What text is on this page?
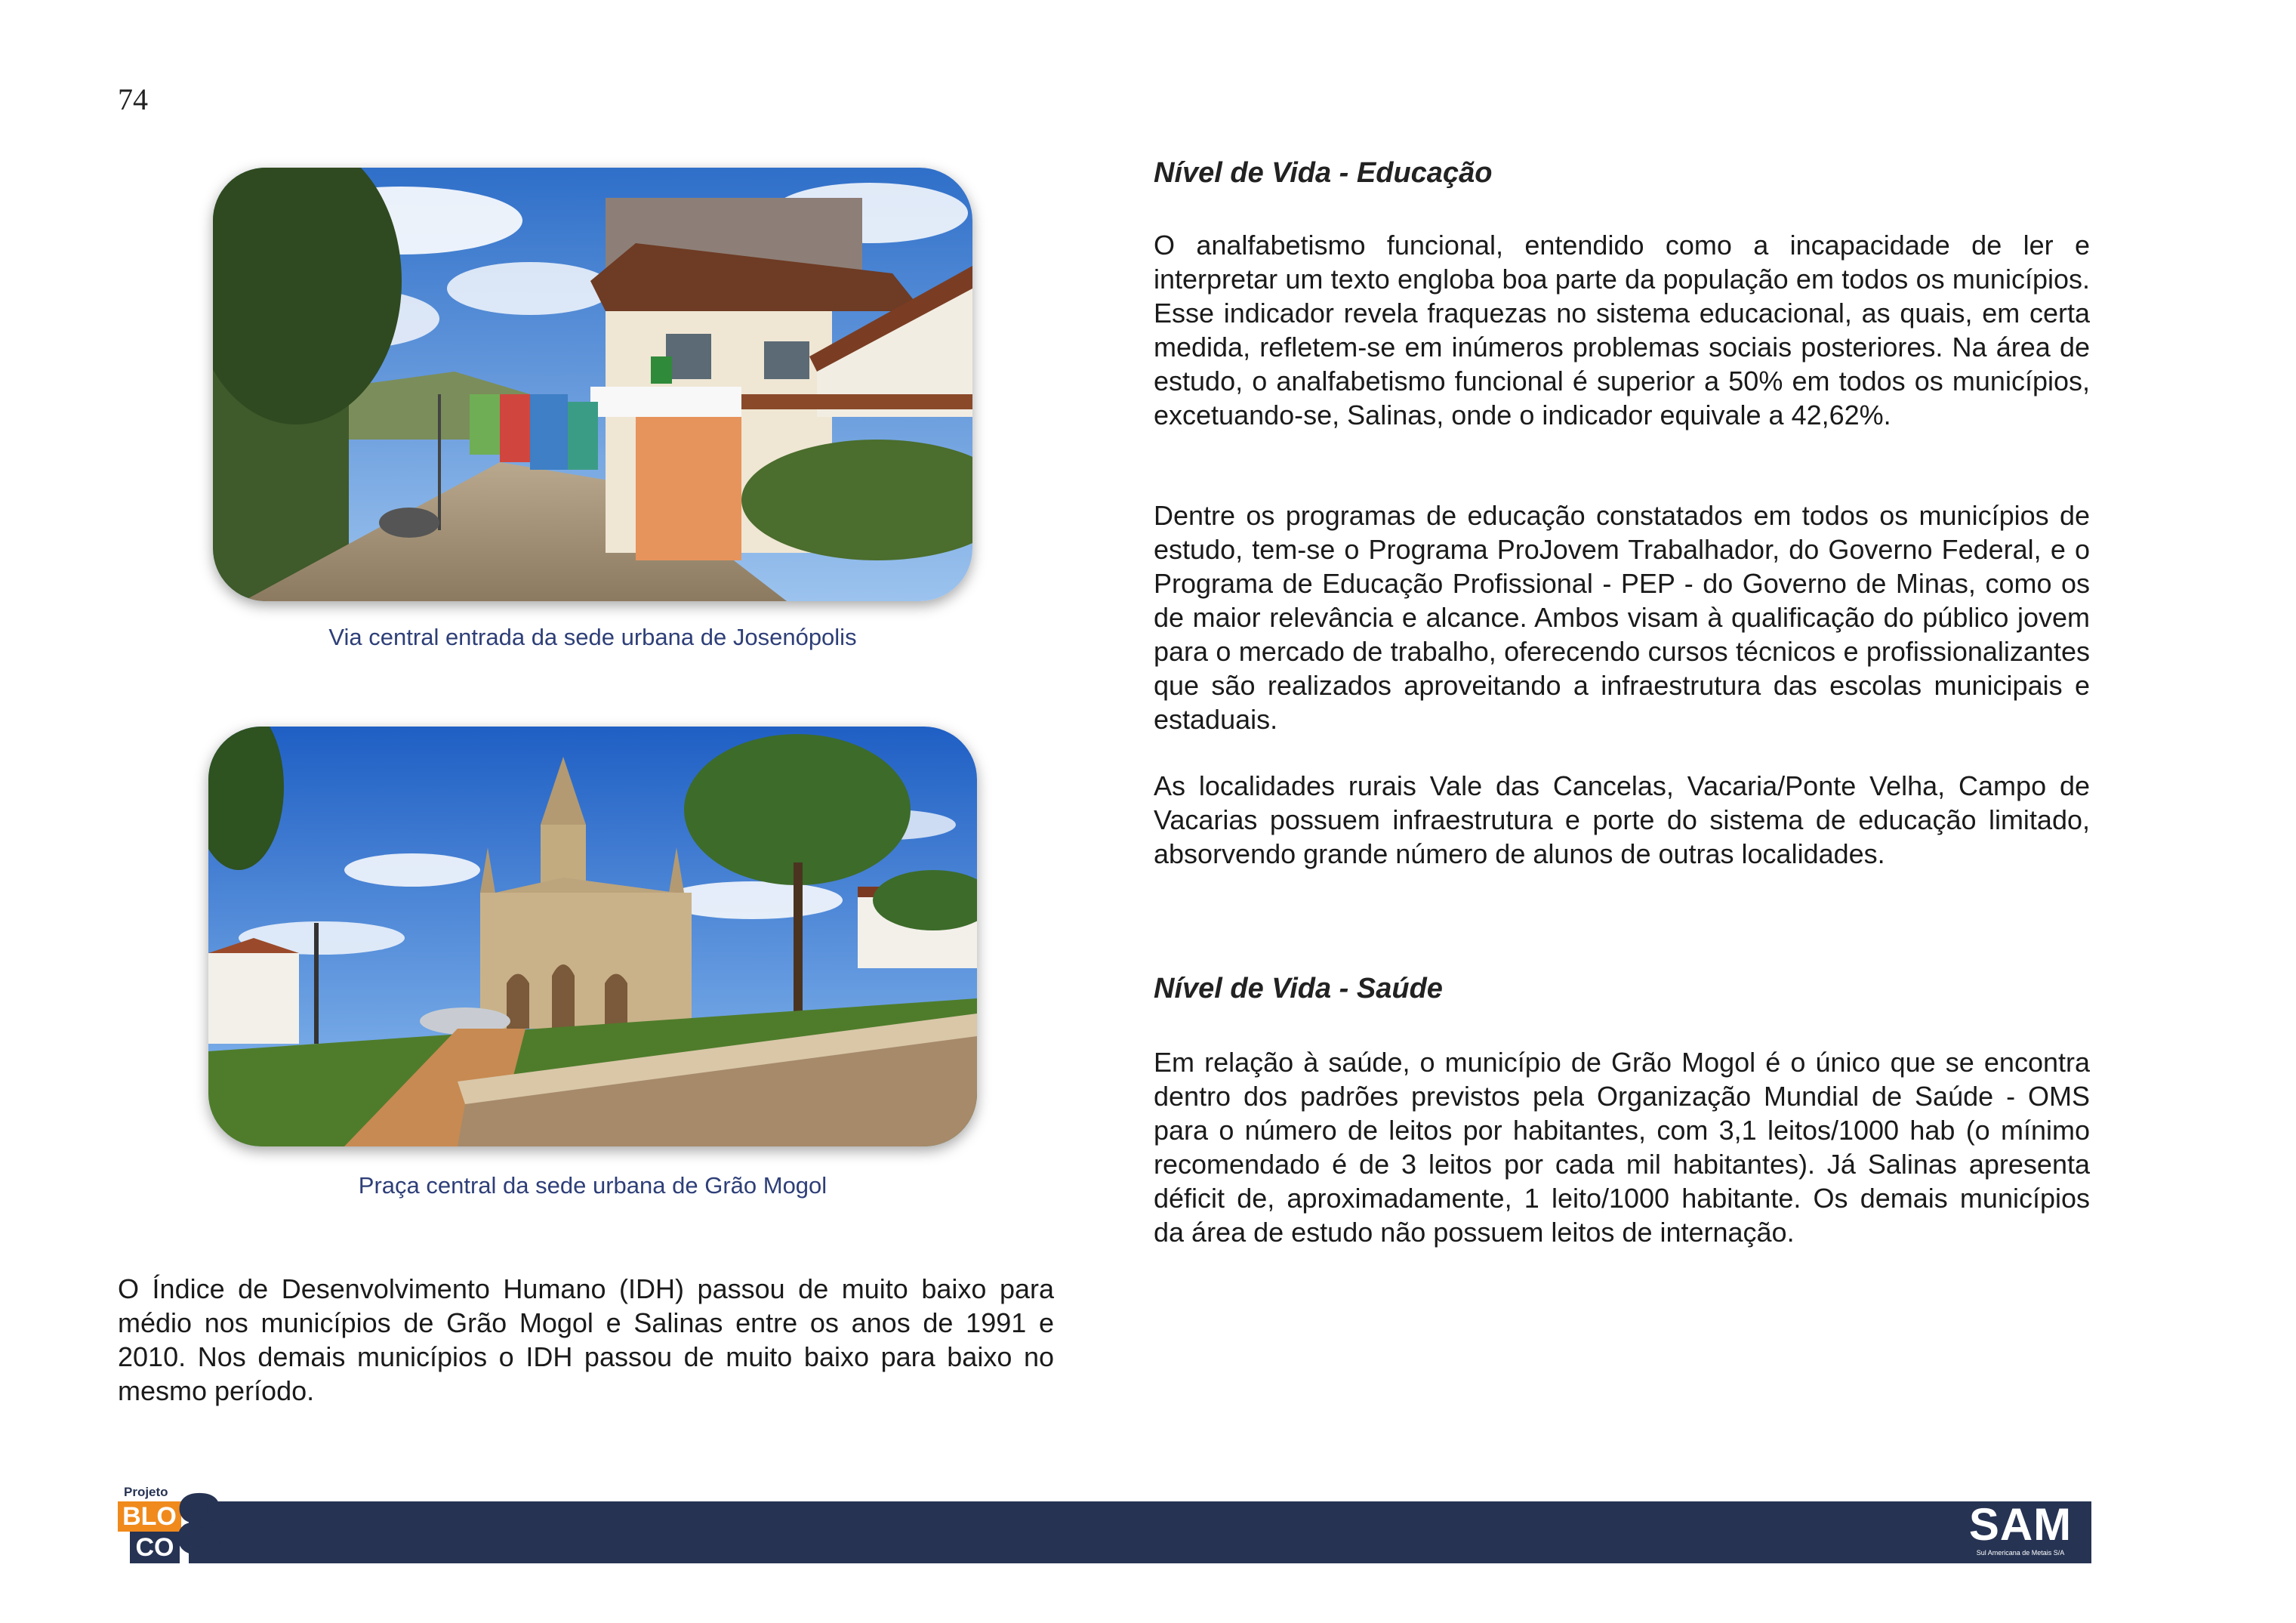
74
Via central entrada da sede urbana de Josenópolis
Praça central da sede urbana de Grão Mogol

O Índice de Desenvolvimento Humano (IDH) passou de muito baixo para médio nos municípios de Grão Mogol e Salinas entre os anos de 1991 e 2010. Nos demais municípios o IDH passou de muito baixo para baixo no mesmo período.

Nível de Vida - Educação

O analfabetismo funcional, entendido como a incapacidade de ler e interpretar um texto engloba boa parte da população em todos os municípios. Esse indicador revela fraquezas no sistema educacional, as quais, em certa medida, refletem-se em inúmeros problemas sociais posteriores. Na área de estudo, o analfabetismo funcional é superior a 50% em todos os municípios, excetuando-se, Salinas, onde o indicador equivale a 42,62%.

Dentre os programas de educação constatados em todos os municípios de estudo, tem-se o Programa ProJovem Trabalhador, do Governo Federal, e o Programa de Educação Profissional - PEP - do Governo de Minas, como os de maior relevância e alcance. Ambos visam à qualificação do público jovem para o mercado de trabalho, oferecendo cursos técnicos e profissionalizantes que são realizados aproveitando a infraestrutura das escolas municipais e estaduais.

As localidades rurais Vale das Cancelas, Vacaria/Ponte Velha, Campo de Vacarias possuem infraestrutura e porte do sistema de educação limitado, absorvendo grande número de alunos de outras localidades.

Nível de Vida - Saúde

Em relação à saúde, o município de Grão Mogol é o único que se encontra dentro dos padrões previstos pela Organização Mundial de Saúde - OMS para o número de leitos por habitantes, com 3,1 leitos/1000 hab (o mínimo recomendado é de 3 leitos por cada mil habitantes). Já Salinas apresenta déficit de, aproximadamente, 1 leito/1000 habitante. Os demais municípios da área de estudo não possuem leitos de internação.

Projeto
BLO
CO 8	SAM
Sul Americana de Metais S/A
